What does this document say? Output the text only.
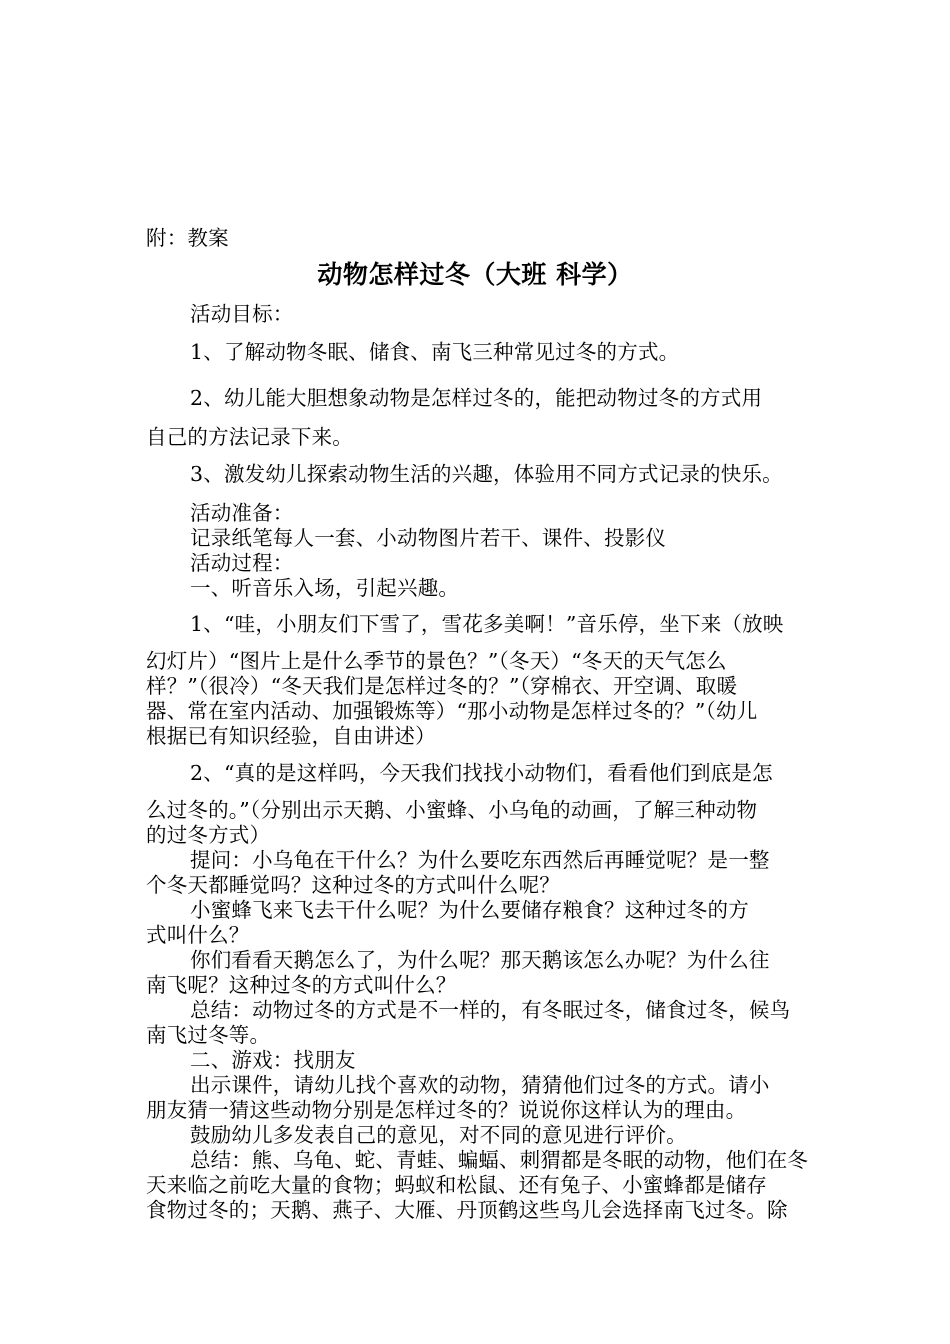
附：教案
动物怎样过冬（大班 科学）
活动目标：
1、了解动物冬眠、储食、南飞三种常见过冬的方式。
2、幼儿能大胆想象动物是怎样过冬的，能把动物过冬的方式用
自己的方法记录下来。
3、激发幼儿探索动物生活的兴趣，体验用不同方式记录的快乐。
活动准备：
记录纸笔每人一套、小动物图片若干、课件、投影仪
活动过程：
一、听音乐入场，引起兴趣。
1、“哇，小朋友们下雪了，雪花多美啊！”音乐停，坐下来（放映
幻灯片）“图片上是什么季节的景色？”（冬天）“冬天的天气怎么
样？”（很冷）“冬天我们是怎样过冬的？”（穿棉衣、开空调、取暖
器、常在室内活动、加强锻炼等）“那小动物是怎样过冬的？”（幼儿
根据已有知识经验，自由讲述）
2、“真的是这样吗，今天我们找找小动物们，看看他们到底是怎
么过冬的。”（分别出示天鹅、小蜜蜂、小乌龟的动画，了解三种动物
的过冬方式）
提问：小乌龟在干什么？为什么要吃东西然后再睡觉呢？是一整
个冬天都睡觉吗？这种过冬的方式叫什么呢？
小蜜蜂飞来飞去干什么呢？为什么要储存粮食？这种过冬的方
式叫什么？
你们看看天鹅怎么了，为什么呢？那天鹅该怎么办呢？为什么往
南飞呢？这种过冬的方式叫什么？
总结：动物过冬的方式是不一样的，有冬眠过冬，储食过冬，候鸟
南飞过冬等。
二、游戏：找朋友
出示课件，请幼儿找个喜欢的动物，猜猜他们过冬的方式。请小
朋友猜一猜这些动物分别是怎样过冬的？说说你这样认为的理由。
鼓励幼儿多发表自己的意见，对不同的意见进行评价。
总结：熊、乌龟、蛇、青蛙、蝙蝠、刺猬都是冬眠的动物，他们在冬
天来临之前吃大量的食物；蚂蚁和松鼠、还有兔子、小蜜蜂都是储存
食物过冬的；天鹅、燕子、大雁、丹顶鹤这些鸟儿会选择南飞过冬。除
